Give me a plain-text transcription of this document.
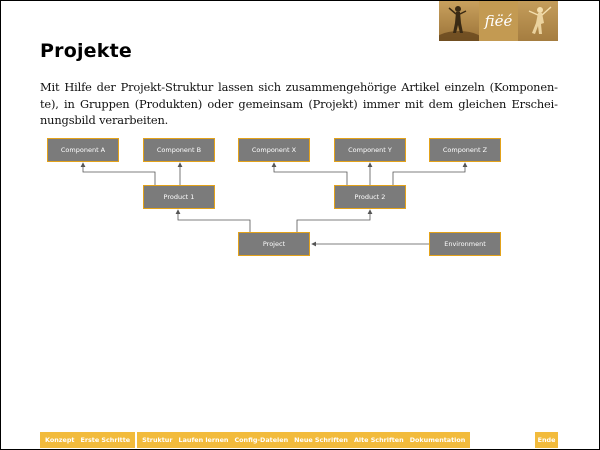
fiëé
Projekte
Mit Hilfe der Projekt-Struktur lassen sich zusammengehörige Artikel einzeln (Komponen te), in Gruppen (Produkten) oder gemeinsam (Projekt) immer mit dem gleichen Erschei nungsbild verarbeiten.
Component A	Component B	Component X	Component Y	Component Z
Product 1	Product 2
Project	Environment
Konzept Erste Schritte	Struktur Laufen lernen Config-Dateien Neue Schriften Alte Schriften Dokumentation	Ende
